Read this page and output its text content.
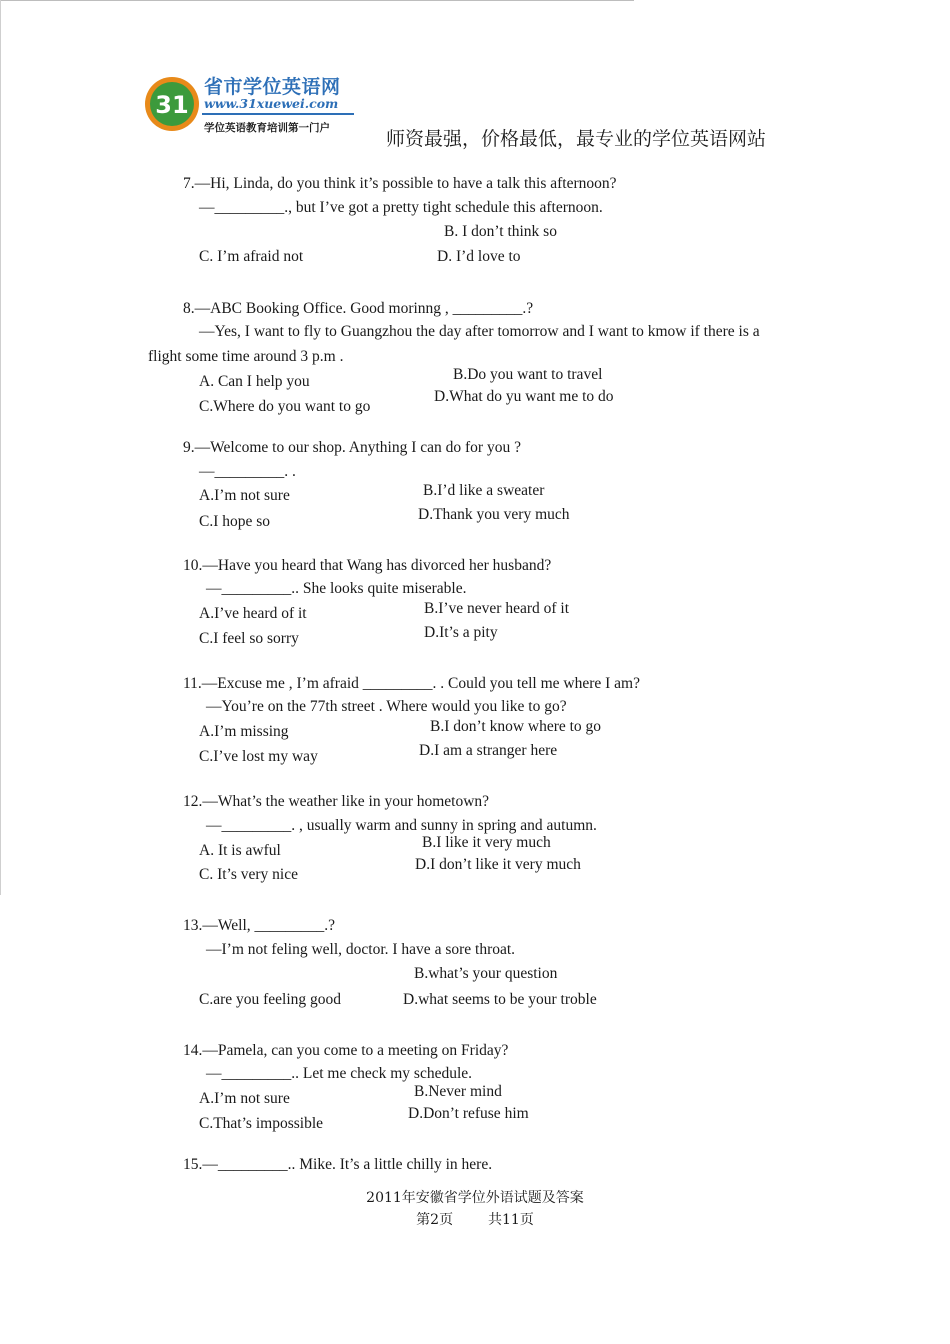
31
省市学位英语网
www.31xuewei.com
学位英语教育培训第一门户	师资最强，价格最低，最专业的学位英语网站
7.—Hi, Linda, do you think it’s possible to have a talk this afternoon?
—_________., but I’ve got a pretty tight schedule this afternoon.
B. I don’t think so
C. I’m afraid not	D. I’d love to
8.—ABC Booking Office. Good morinng , _________.?
—Yes, I want to fly to Guangzhou the day after tomorrow and I want to kmow if there is a
flight some time around 3 p.m .
B.Do you want to travel
A. Can I help you
D.What do yu want me to do
C.Where do you want to go
9.—Welcome to our shop. Anything I can do for you ?
—_________. .
B.I’d like a sweater
A.I’m not sure
D.Thank you very much
C.I hope so
10.—Have you heard that Wang has divorced her husband?
—_________.. She looks quite miserable.
B.I’ve never heard of it
A.I’ve heard of it
D.It’s a pity
C.I feel so sorry
11.—Excuse me , I’m afraid _________. . Could you tell me where I am?
—You’re on the 77th street . Where would you like to go?
B.I don’t know where to go
A.I’m missing
D.I am a stranger here
C.I’ve lost my way
12.—What’s the weather like in your hometown?
—_________. , usually warm and sunny in spring and autumn.
B.I like it very much
A. It is awful
D.I don’t like it very much
C. It’s very nice
13.—Well, _________.?
—I’m not feling well, doctor. I have a sore throat.
B.what’s your question
C.are you feeling good	D.what seems to be your troble
14.—Pamela, can you come to a meeting on Friday?
—_________.. Let me check my schedule.
B.Never mind
A.I’m not sure
D.Don’t refuse him
C.That’s impossible
15.—_________.. Mike. It’s a little chilly in here.
2011年安徽省学位外语试题及答案
第2页 共11页
